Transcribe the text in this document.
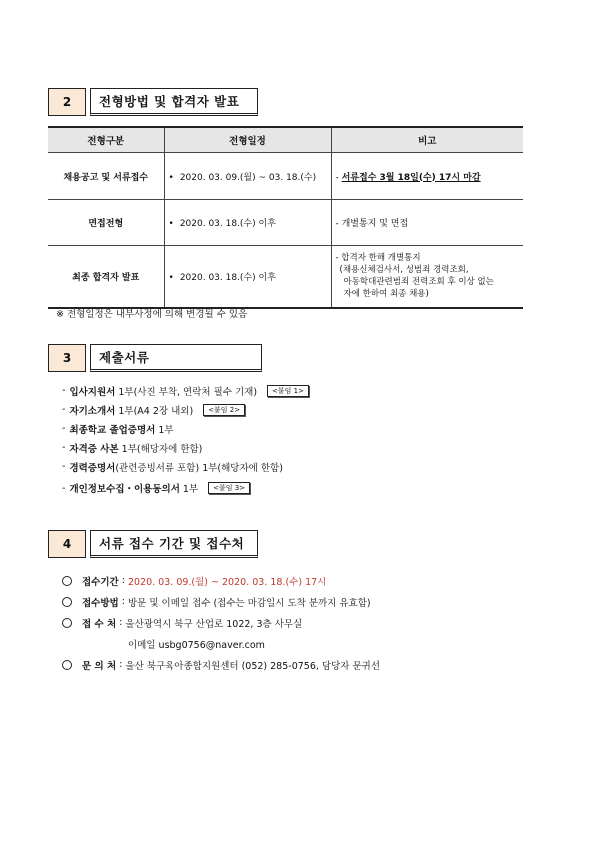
2	전형방법 및 합격자 발표
전형구분	전형일정	비고
채용공고 및 서류접수	• 2020. 03. 09.(월) ~ 03. 18.(수)	- 서류접수 3월 18일(수) 17시 마감
면접전형	• 2020. 03. 18.(수) 이후	- 개별통지 및 면접
최종 합격자 발표	• 2020. 03. 18.(수) 이후	- 합격자 한해 개별통지
(채용신체검사서, 성범죄 경력조회,
아동학대관련범죄 전력조회 후 이상 없는
자에 한하여 최종 채용)
※ 전형일정은 내부사정에 의해 변경될 수 있음
3	제출서류
- 입사지원서
1부(사진 부착, 연락처 필수 기재)	<붙임 1>
- 자기소개서
1부(A4 2장 내외)	<붙임 2>
- 최종학교 졸업증명서
1부
- 자격증 사본
1부(해당자에 한함)
- 경력증명서 (관련증빙서류 포함) 1부(해당자에 한함)
- 개인정보수집・이용동의서
1부	<붙임 3>
4	서류 접수 기간 및 접수처
접수기간 : 2020. 03. 09.(월) ~ 2020. 03. 18.(수) 17시
접수방법 : 방문 및 이메일 접수 (접수는 마감일시 도착 분까지 유효함)
접 수 처 : 울산광역시 북구 산업로 1022, 3층 사무실
이메일 usbg0756@naver.com
문 의 처 : 울산 북구육아종합지원센터 (052) 285-0756, 담당자 문귀선
